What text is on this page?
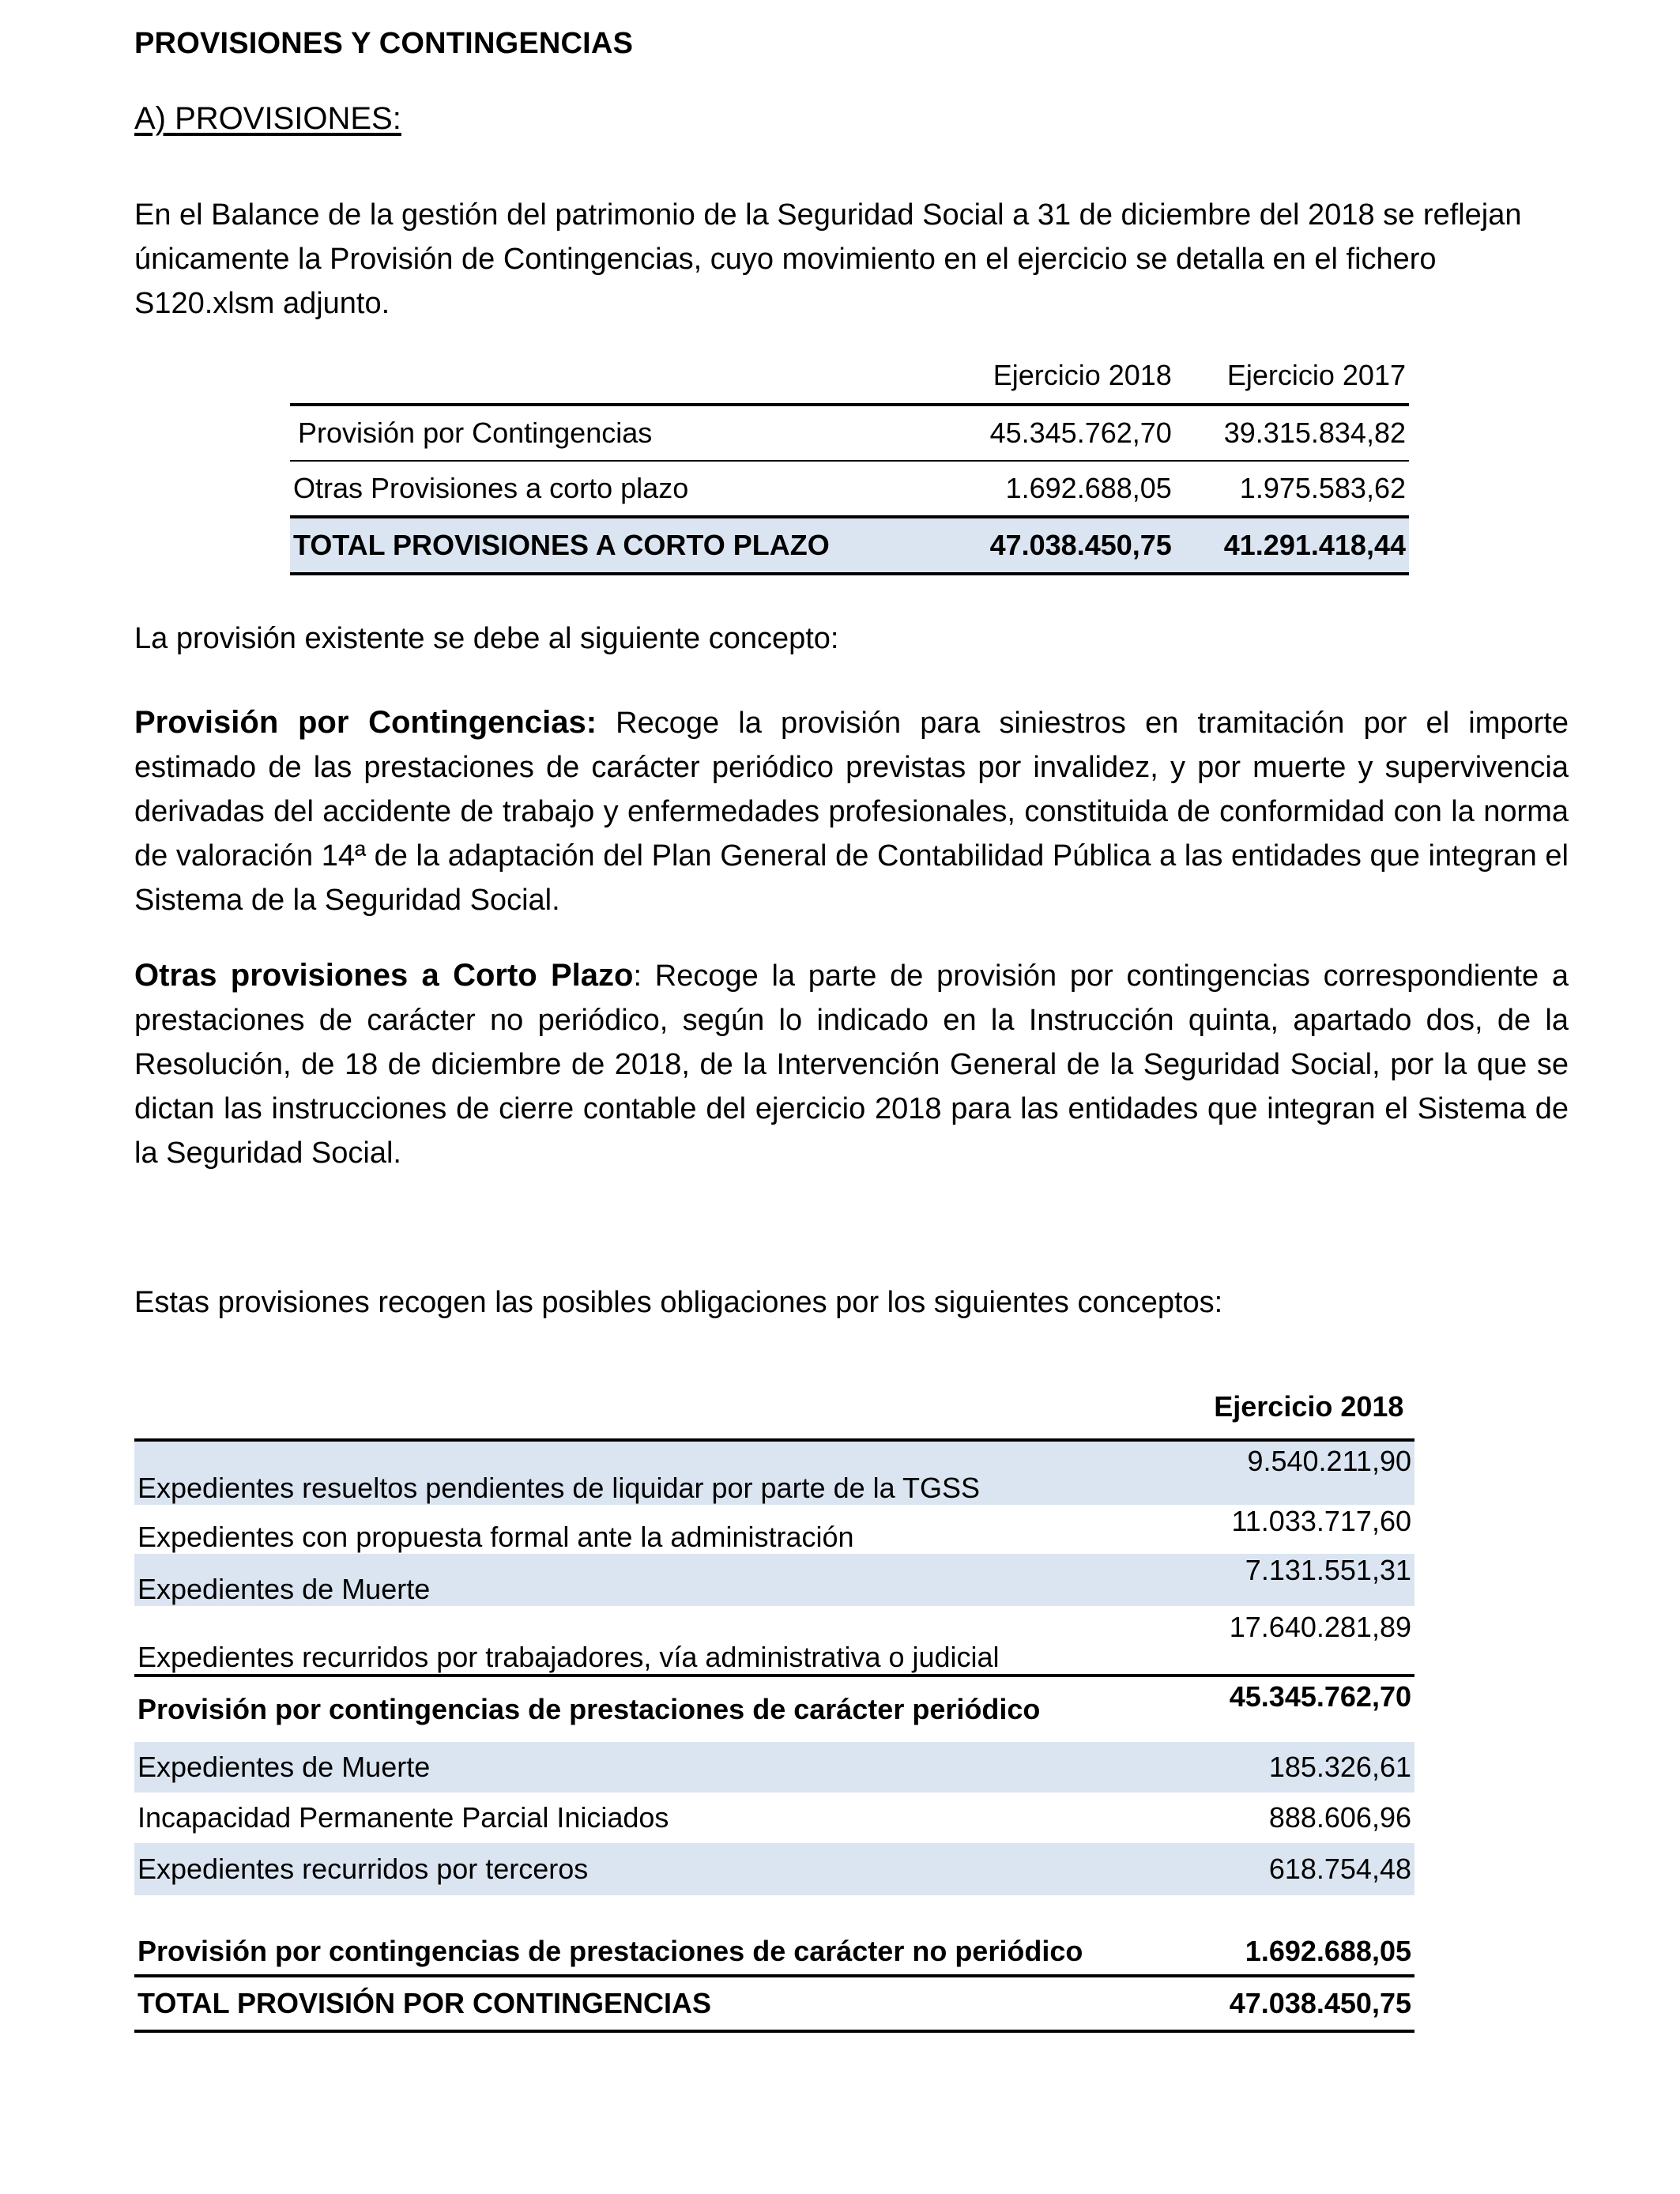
PROVISIONES Y CONTINGENCIAS
A) PROVISIONES:

En el Balance de la gestión del patrimonio de la Seguridad Social a 31 de diciembre del 2018 se reflejan únicamente la Provisión de Contingencias, cuyo movimiento en el ejercicio se detalla en el fichero S120.xlsm adjunto.

	Ejercicio 2018	Ejercicio 2017
Provisión por Contingencias	45.345.762,70	39.315.834,82
Otras Provisiones a corto plazo	1.692.688,05	1.975.583,62
TOTAL PROVISIONES A CORTO PLAZO	47.038.450,75	41.291.418,44

La provisión existente se debe al siguiente concepto:

Provisión por Contingencias: Recoge la provisión para siniestros en tramitación por el importe estimado de las prestaciones de carácter periódico previstas por invalidez, y por muerte y supervivencia derivadas del accidente de trabajo y enfermedades profesionales, constituida de conformidad con la norma de valoración 14ª de la adaptación del Plan General de Contabilidad Pública a las entidades que integran el Sistema de la Seguridad Social.

Otras provisiones a Corto Plazo: Recoge la parte de provisión por contingencias correspondiente a prestaciones de carácter no periódico, según lo indicado en la Instrucción quinta, apartado dos, de la Resolución, de 18 de diciembre de 2018, de la Intervención General de la Seguridad Social, por la que se dictan las instrucciones de cierre contable del ejercicio 2018 para las entidades que integran el Sistema de la Seguridad Social.

Estas provisiones recogen las posibles obligaciones por los siguientes conceptos:

	Ejercicio 2018
Expedientes resueltos pendientes de liquidar por parte de la TGSS	9.540.211,90
Expedientes con propuesta formal ante la administración	11.033.717,60
Expedientes de Muerte	7.131.551,31
Expedientes recurridos por trabajadores, vía administrativa o judicial	17.640.281,89
Provisión por contingencias de prestaciones de carácter periódico	45.345.762,70
Expedientes de Muerte	185.326,61
Incapacidad Permanente Parcial Iniciados	888.606,96
Expedientes recurridos por terceros	618.754,48
Provisión por contingencias de prestaciones de carácter no periódico	1.692.688,05
TOTAL PROVISIÓN POR CONTINGENCIAS	47.038.450,75
